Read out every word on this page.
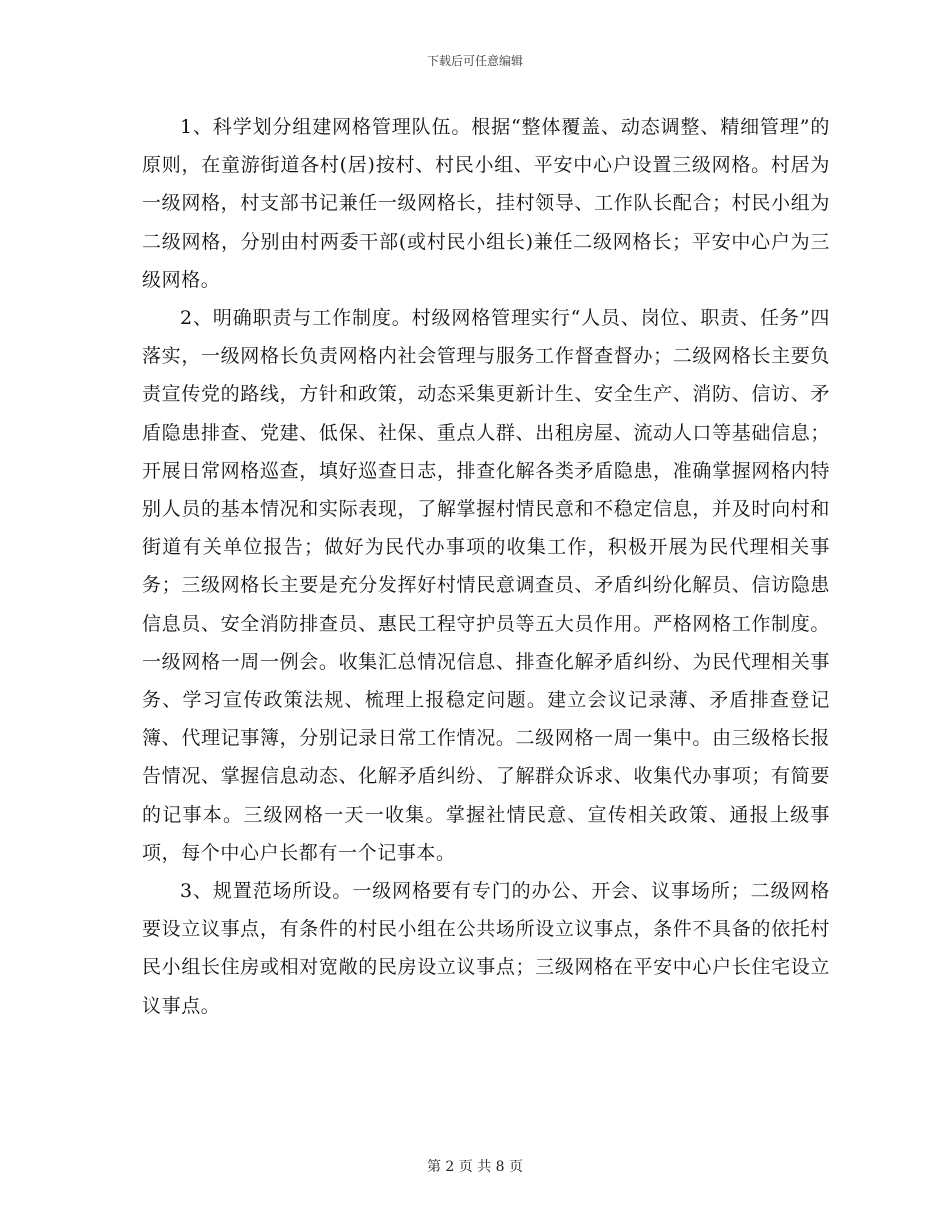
下载后可任意编辑

1、科学划分组建网格管理队伍。根据“整体覆盖、动态调整、精细管理”的原则，在童游街道各村(居)按村、村民小组、平安中心户设置三级网格。村居为一级网格，村支部书记兼任一级网格长，挂村领导、工作队长配合；村民小组为二级网格，分别由村两委干部(或村民小组长)兼任二级网格长；平安中心户为三级网格。

2、明确职责与工作制度。村级网格管理实行“人员、岗位、职责、任务”四落实，一级网格长负责网格内社会管理与服务工作督查督办；二级网格长主要负责宣传党的路线，方针和政策，动态采集更新计生、安全生产、消防、信访、矛盾隐患排查、党建、低保、社保、重点人群、出租房屋、流动人口等基础信息；开展日常网格巡查，填好巡查日志，排查化解各类矛盾隐患，准确掌握网格内特别人员的基本情况和实际表现，了解掌握村情民意和不稳定信息，并及时向村和街道有关单位报告；做好为民代办事项的收集工作，积极开展为民代理相关事务；三级网格长主要是充分发挥好村情民意调查员、矛盾纠纷化解员、信访隐患信息员、安全消防排查员、惠民工程守护员等五大员作用。严格网格工作制度。一级网格一周一例会。收集汇总情况信息、排查化解矛盾纠纷、为民代理相关事务、学习宣传政策法规、梳理上报稳定问题。建立会议记录薄、矛盾排查登记簿、代理记事簿，分别记录日常工作情况。二级网格一周一集中。由三级格长报告情况、掌握信息动态、化解矛盾纠纷、了解群众诉求、收集代办事项；有简要的记事本。三级网格一天一收集。掌握社情民意、宣传相关政策、通报上级事项，每个中心户长都有一个记事本。

3、规置范场所设。一级网格要有专门的办公、开会、议事场所；二级网格要设立议事点，有条件的村民小组在公共场所设立议事点，条件不具备的依托村民小组长住房或相对宽敞的民房设立议事点；三级网格在平安中心户长住宅设立议事点。

第 2 页 共 8 页
